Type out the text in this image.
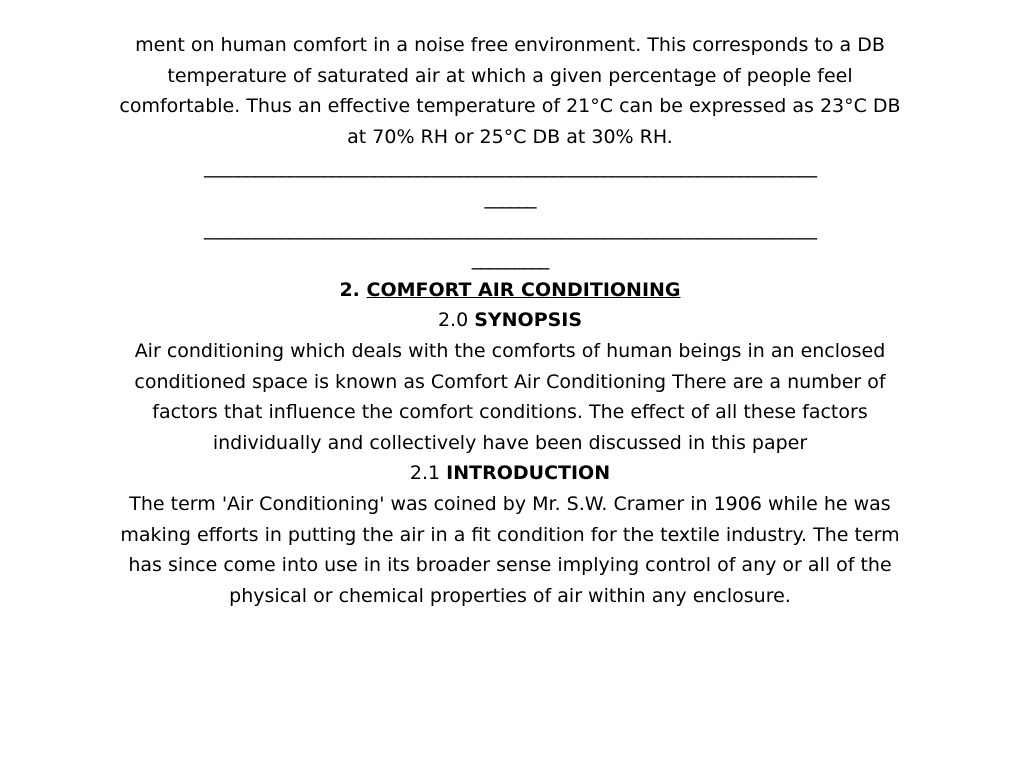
ment on human comfort in a noise free environment. This corresponds to a DB
temperature of saturated air at which a given percentage of people feel
comfortable. Thus an effective temperature of 21°C can be expressed as 23°C DB
at 70% RH or 25°C DB at 30% RH.
________________________________________________________________________
______
________________________________________________________________________
_________
2. COMFORT AIR CONDITIONING
2.0 SYNOPSIS
Air conditioning which deals with the comforts of human beings in an enclosed
conditioned space is known as Comfort Air Conditioning There are a number of
factors that influence the comfort conditions. The effect of all these factors
individually and collectively have been discussed in this paper
2.1 INTRODUCTION
The term 'Air Conditioning' was coined by Mr. S.W. Cramer in 1906 while he was
making efforts in putting the air in a fit condition for the textile industry. The term
has since come into use in its broader sense implying control of any or all of the
physical or chemical properties of air within any enclosure.
